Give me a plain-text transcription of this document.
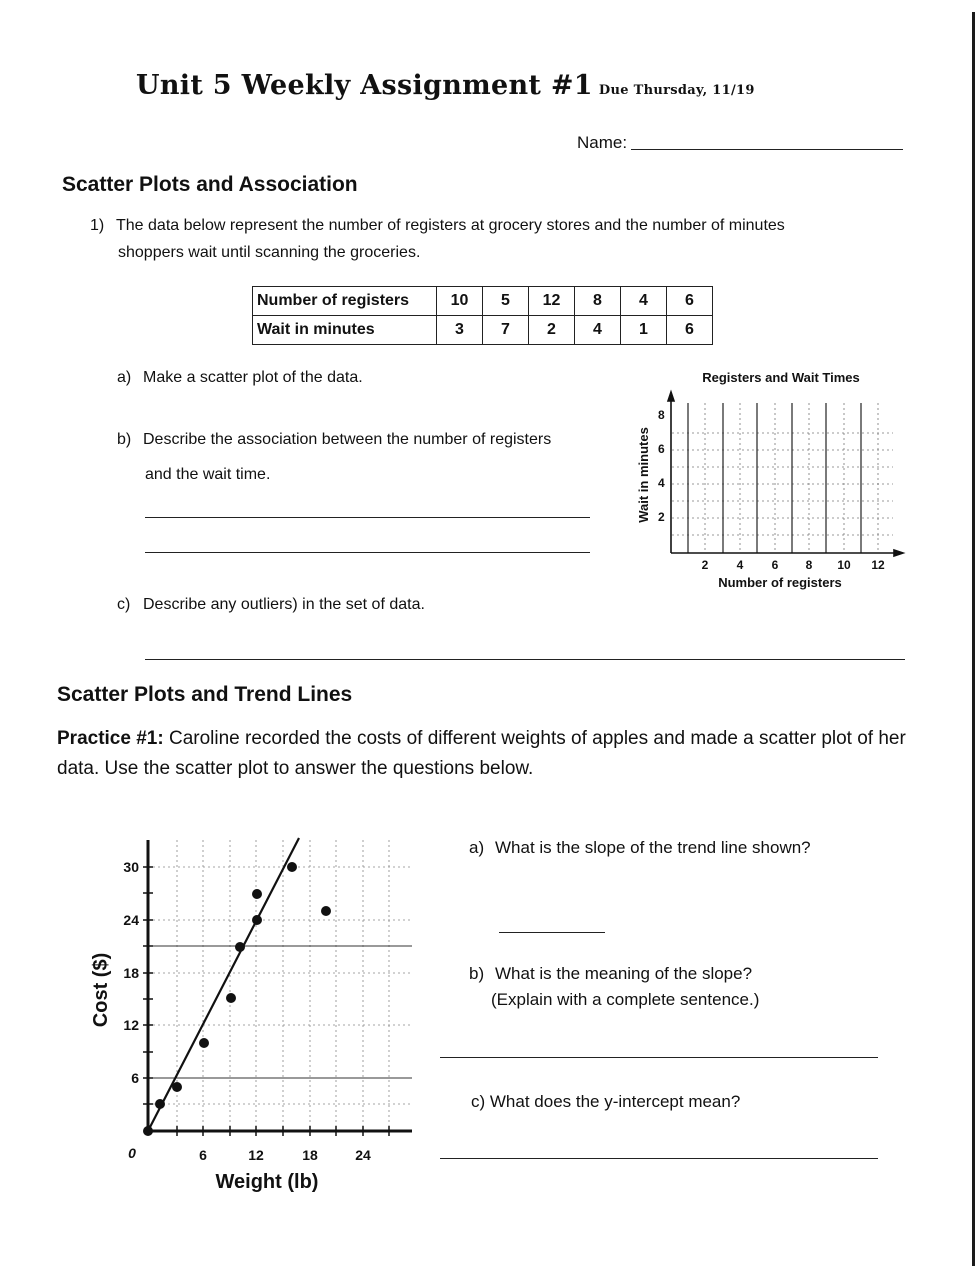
Unit 5 Weekly Assignment #1 Due Thursday, 11/19
Name:
Scatter Plots and Association
1) The data below represent the number of registers at grocery stores and the number of minutes
shoppers wait until scanning the groceries.
Number of registers	10	5	12	8	4	6
Wait in minutes	3	7	2	4	1	6
a) Make a scatter plot of the data.
b) Describe the association between the number of registers
and the wait time.
c) Describe any outliers) in the set of data.
Registers and Wait Times
2
4
6
8
2 4 6 8 10 12
Number of registers
Wait in minutes
Scatter Plots and Trend Lines
Practice #1: Caroline recorded the costs of different weights of apples and made a scatter plot of her data. Use the scatter plot to answer the questions below.
6
12
18
24
30
0	6	12	18	24
Weight (lb)
Cost ($)
a) What is the slope of the trend line shown?
b) What is the meaning of the slope?
(Explain with a complete sentence.)
c) What does the y-intercept mean?
